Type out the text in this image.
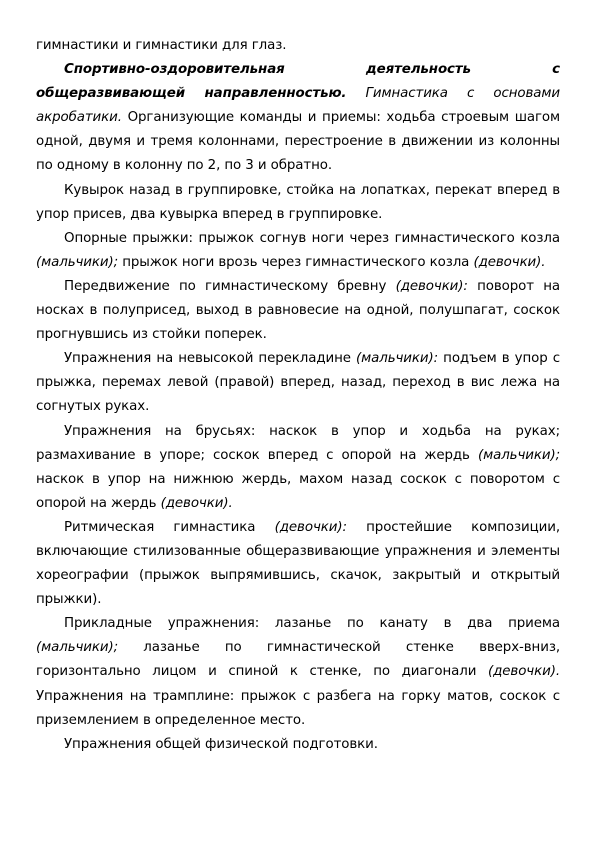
гимнастики и гимнастики для глаз.

Спортивно-оздоровительная деятельность с общеразвивающей направленностью. Гимнастика с основами акробатики. Организующие команды и приемы: ходьба строевым шагом одной, двумя и тремя колоннами, перестроение в движении из колонны по одному в колонну по 2, по 3 и обратно.

Кувырок назад в группировке, стойка на лопатках, перекат вперед в упор присев, два кувырка вперед в группировке.

Опорные прыжки: прыжок согнув ноги через гимнастического козла (мальчики); прыжок ноги врозь через гимнастического козла (девочки).

Передвижение по гимнастическому бревну (девочки): поворот на носках в полуприсед, выход в равновесие на одной, полушпагат, соскок прогнувшись из стойки поперек.

Упражнения на невысокой перекладине (мальчики): подъем в упор с прыжка, перемах левой (правой) вперед, назад, переход в вис лежа на согнутых руках.

Упражнения на брусьях: наскок в упор и ходьба на руках; размахивание в упоре; соскок вперед с опорой на жердь (мальчики); наскок в упор на нижнюю жердь, махом назад соскок с поворотом с опорой на жердь (девочки).

Ритмическая гимнастика (девочки): простейшие композиции, включающие стилизованные общеразвивающие упражнения и элементы хореографии (прыжок выпрямившись, скачок, закрытый и открытый прыжки).

Прикладные упражнения: лазанье по канату в два приема (мальчики); лазанье по гимнастической стенке вверх-вниз, горизонтально лицом и спиной к стенке, по диагонали (девочки). Упражнения на трамплине: прыжок с разбега на горку матов, соскок с приземлением в определенное место.

Упражнения общей физической подготовки.
